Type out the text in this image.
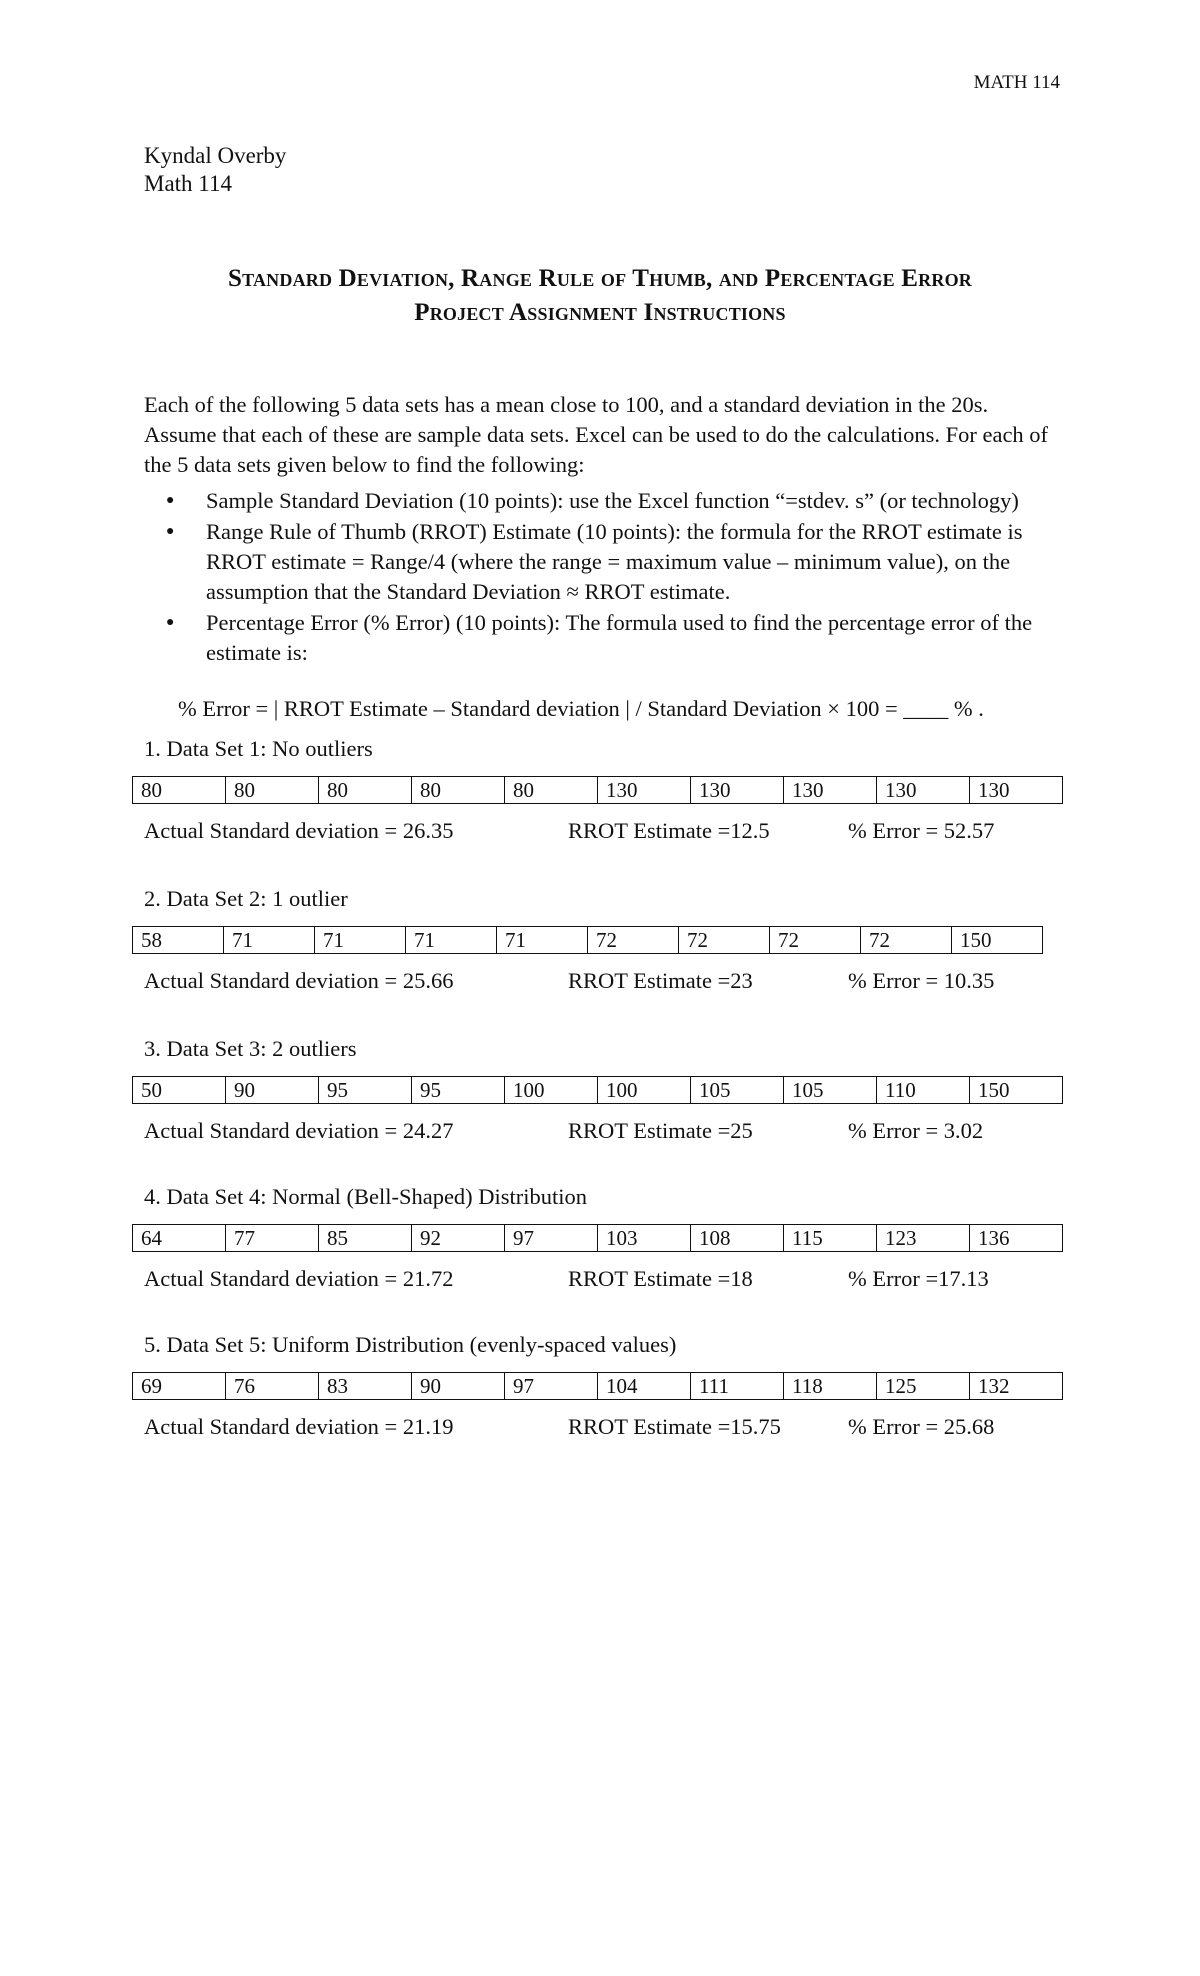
MATH 114
Kyndal Overby
Math 114
Standard Deviation, Range Rule of Thumb, and Percentage Error
Project Assignment Instructions
Each of the following 5 data sets has a mean close to 100, and a standard deviation in the 20s. Assume that each of these are sample data sets. Excel can be used to do the calculations. For each of the 5 data sets given below to find the following:
● Sample Standard Deviation (10 points): use the Excel function “=stdev. s” (or technology)
● Range Rule of Thumb (RROT) Estimate (10 points): the formula for the RROT estimate is RROT estimate = Range/4 (where the range = maximum value – minimum value), on the assumption that the Standard Deviation ≈ RROT estimate.
● Percentage Error (% Error) (10 points): The formula used to find the percentage error of the estimate is:
% Error = | RROT Estimate – Standard deviation | / Standard Deviation × 100 = ____ % .
1. Data Set 1: No outliers
80	80	80	80	80	130	130	130	130	130
Actual Standard deviation = 26.35	RROT Estimate =12.5	% Error = 52.57
2. Data Set 2: 1 outlier
58	71	71	71	71	72	72	72	72	150
Actual Standard deviation = 25.66	RROT Estimate =23	% Error = 10.35
3. Data Set 3: 2 outliers
50	90	95	95	100	100	105	105	110	150
Actual Standard deviation = 24.27	RROT Estimate =25	% Error = 3.02
4. Data Set 4: Normal (Bell-Shaped) Distribution
64	77	85	92	97	103	108	115	123	136
Actual Standard deviation = 21.72	RROT Estimate =18	% Error =17.13
5. Data Set 5: Uniform Distribution (evenly-spaced values)
69	76	83	90	97	104	111	118	125	132
Actual Standard deviation = 21.19	RROT Estimate =15.75	% Error = 25.68
